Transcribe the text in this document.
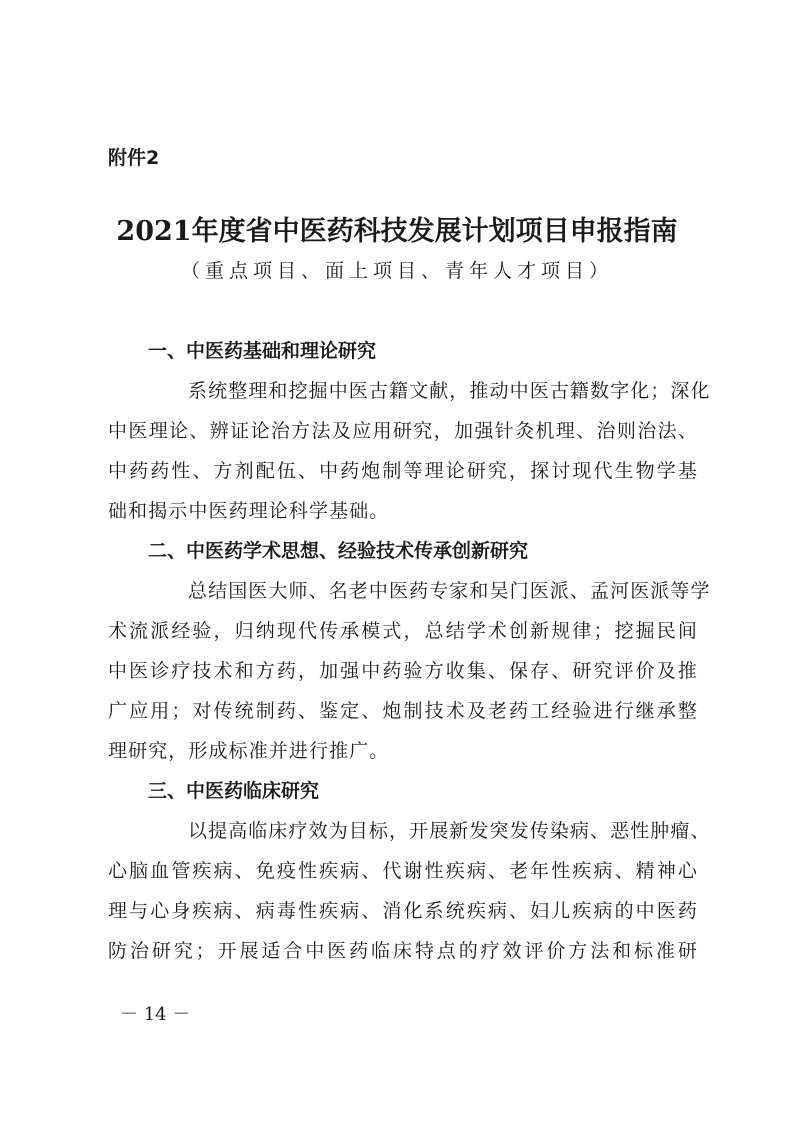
附件2
2021年度省中医药科技发展计划项目申报指南
（重点项目、面上项目、青年人才项目）
一、中医药基础和理论研究
系统整理和挖掘中医古籍文献，推动中医古籍数字化；深化
中医理论、辨证论治方法及应用研究，加强针灸机理、治则治法、
中药药性、方剂配伍、中药炮制等理论研究，探讨现代生物学基
础和揭示中医药理论科学基础。
二、中医药学术思想、经验技术传承创新研究
总结国医大师、名老中医药专家和吴门医派、孟河医派等学
术流派经验，归纳现代传承模式，总结学术创新规律；挖掘民间
中医诊疗技术和方药，加强中药验方收集、保存、研究评价及推
广应用；对传统制药、鉴定、炮制技术及老药工经验进行继承整
理研究，形成标准并进行推广。
三、中医药临床研究
以提高临床疗效为目标，开展新发突发传染病、恶性肿瘤、
心脑血管疾病、免疫性疾病、代谢性疾病、老年性疾病、精神心
理与心身疾病、病毒性疾病、消化系统疾病、妇儿疾病的中医药
防治研究；开展适合中医药临床特点的疗效评价方法和标准研
－ 14 －
